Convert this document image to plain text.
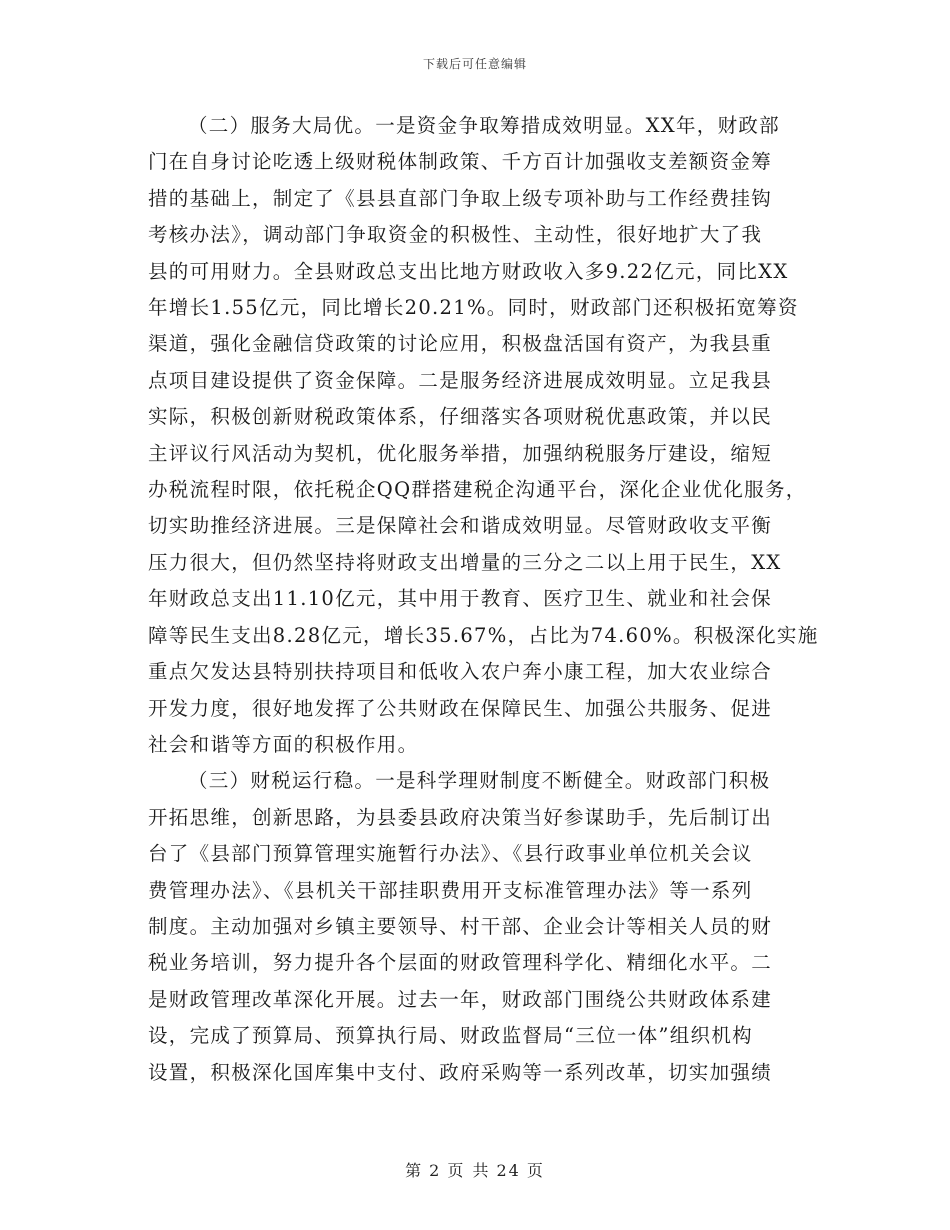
下载后可任意编辑

（二）服务大局优。一是资金争取筹措成效明显。XX年，财政部
门在自身讨论吃透上级财税体制政策、千方百计加强收支差额资金筹
措的基础上，制定了《县县直部门争取上级专项补助与工作经费挂钩
考核办法》，调动部门争取资金的积极性、主动性，很好地扩大了我
县的可用财力。全县财政总支出比地方财政收入多9.22亿元，同比XX
年增长1.55亿元，同比增长20.21%。同时，财政部门还积极拓宽筹资
渠道，强化金融信贷政策的讨论应用，积极盘活国有资产，为我县重
点项目建设提供了资金保障。二是服务经济进展成效明显。立足我县
实际，积极创新财税政策体系，仔细落实各项财税优惠政策，并以民
主评议行风活动为契机，优化服务举措，加强纳税服务厅建设，缩短
办税流程时限，依托税企QQ群搭建税企沟通平台，深化企业优化服务，
切实助推经济进展。三是保障社会和谐成效明显。尽管财政收支平衡
压力很大，但仍然坚持将财政支出增量的三分之二以上用于民生，XX
年财政总支出11.10亿元，其中用于教育、医疗卫生、就业和社会保
障等民生支出8.28亿元，增长35.67%，占比为74.60%。积极深化实施
重点欠发达县特别扶持项目和低收入农户奔小康工程，加大农业综合
开发力度，很好地发挥了公共财政在保障民生、加强公共服务、促进
社会和谐等方面的积极作用。

（三）财税运行稳。一是科学理财制度不断健全。财政部门积极
开拓思维，创新思路，为县委县政府决策当好参谋助手，先后制订出
台了《县部门预算管理实施暂行办法》、《县行政事业单位机关会议
费管理办法》、《县机关干部挂职费用开支标准管理办法》等一系列
制度。主动加强对乡镇主要领导、村干部、企业会计等相关人员的财
税业务培训，努力提升各个层面的财政管理科学化、精细化水平。二
是财政管理改革深化开展。过去一年，财政部门围绕公共财政体系建
设，完成了预算局、预算执行局、财政监督局“三位一体”组织机构
设置，积极深化国库集中支付、政府采购等一系列改革，切实加强绩

第 2 页 共 24 页
